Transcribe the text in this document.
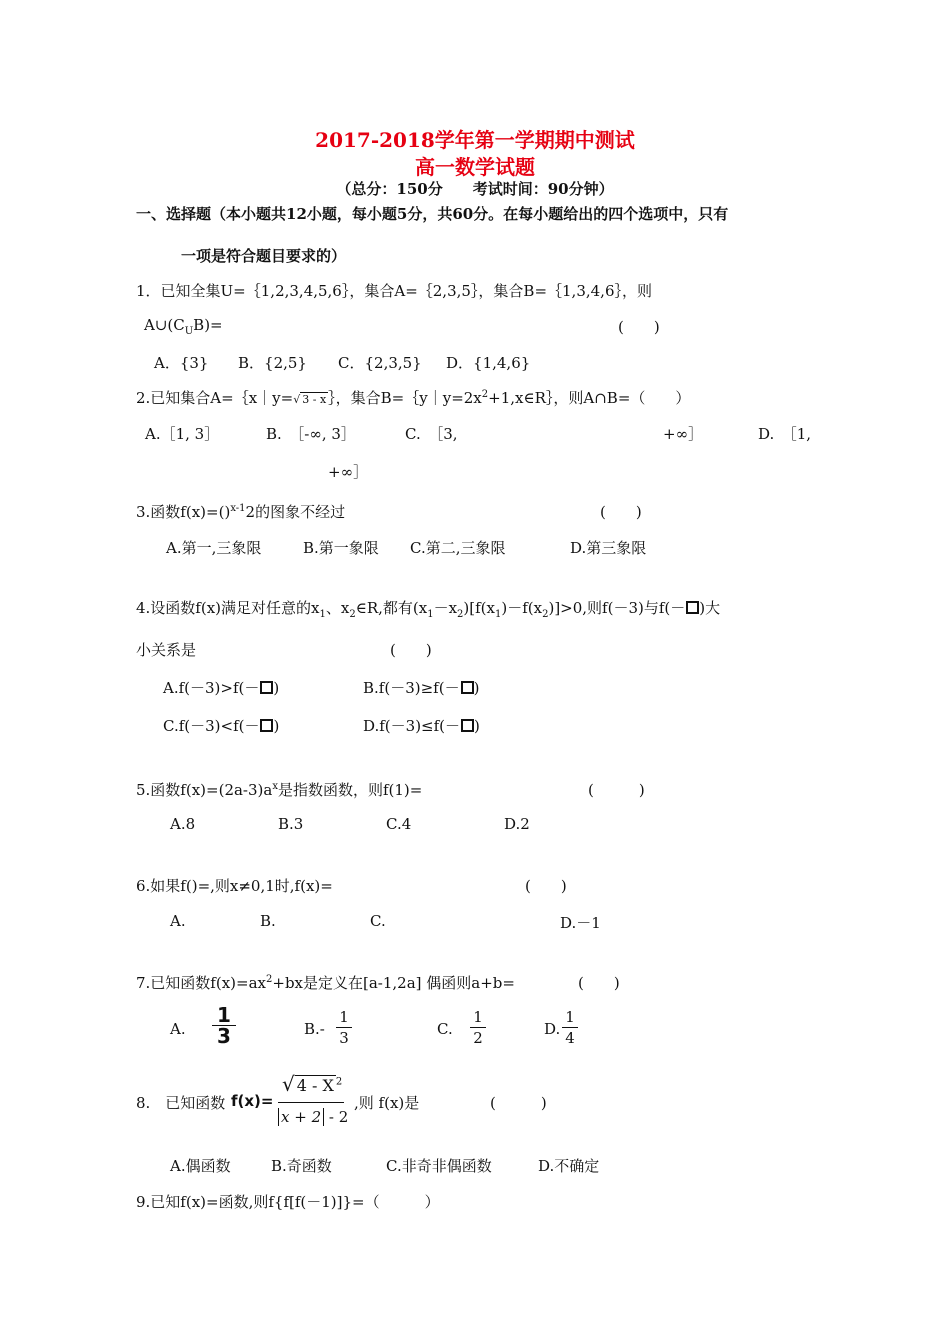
2017-2018学年第一学期期中测试
高一数学试题
（总分：150分　　考试时间：90分钟）
一、选择题（本小题共12小题，每小题5分，共60分。在每小题给出的四个选项中，只有
一项是符合题目要求的）
1．已知全集U=｛1,2,3,4,5,6｝，集合A=｛2,3,5｝，集合B=｛1,3,4,6｝，则
$A\cup(C_UB)=$	(　　)
A．{3} B．{2,5} C．{2,3,5} D．{1,4,6}
2.已知集合A=｛x｜y=√ 3 - x ｝，集合$B=\{y|y=2x^2+1,x\in R\}$，则A∩B=（　　）
A.［1, 3］	B.　［-∞, 3］	C.　［3,	+∞］	D.　［1,
+∞］
3.函数f(x)=()$^{x-1}$2的图象不经过	(　　)
A.第一,三象限	B.第一象限 C.第二,三象限	D.第三象限
4.设函数f(x)满足对任意的$x_1$、$x_2\in R$,都有$(x_1-x_2)[f(x_1)-f(x_2)]>0$,则f(－3)与f(－ )大
小关系是	(　　)
A.f(－3)>f(－ )	B.f(－3)≥f(－ )
C.f(－3)<f(－ )	D.f(－3)≤f(－ )
5.函数$f(x)=(2a-3)a^x$是指数函数，则f(1)=	(　　　)
A.8	B.3	C.4	D.2
6.如果f()=,则x≠0,1时,f(x)=	(　　)
A.	B.	C.	D.－1
7.已知函数$f(x)=ax^2+bx$是定义在[a-1,2a] 偶函则a+b=	(　　)
A.
1
3	B.-
1
3	C.
1
2	D.
1
4
8.　已知函数 f(x)=
√ 4 - X $^2$
x + 2 - 2
,则 f(x)是	(　　　)
A.偶函数	B.奇函数	C.非奇非偶函数	D.不确定
9.已知f(x)=函数,则f{f[f(－1)]}=（　　　）
